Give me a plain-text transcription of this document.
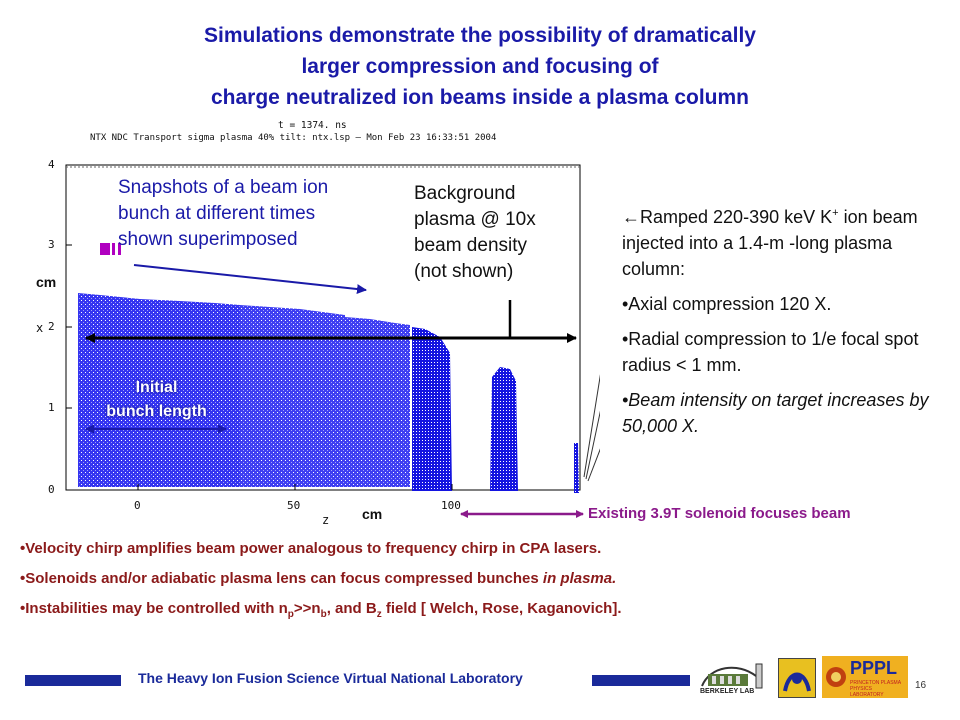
Simulations demonstrate the possibility of dramatically
larger compression and focusing of
charge neutralized ion beams inside a plasma column
t = 1374. ns
NTX NDC Transport sigma plasma 40% tilt: ntx.lsp – Mon Feb 23 16:33:51 2004
0
1
2
3
4
0	50	100
z
x
cm
cm
Snapshots of a beam ion
bunch at different times
shown superimposed
Background
plasma @ 10x
beam density
(not shown)
Initial
bunch length
Existing 3.9T solenoid focuses beam

←Ramped 220-390 keV K+ ion beam injected into a 1.4-m -long plasma column:

•Axial compression 120 X.

•Radial compression to 1/e focal spot radius < 1 mm.

•Beam intensity on target increases by 50,000 X.

•Velocity chirp amplifies beam power analogous to frequency chirp in CPA lasers.

•Solenoids and/or adiabatic plasma lens can focus compressed bunches in plasma.

•Instabilities may be controlled with $n_p>>n_b$, and $B_z$ field [ Welch, Rose, Kaganovich].

The Heavy Ion Fusion Science Virtual National Laboratory
BERKELEY LAB
PPPL
PRINCETON PLASMA PHYSICS LABORATORY
16
